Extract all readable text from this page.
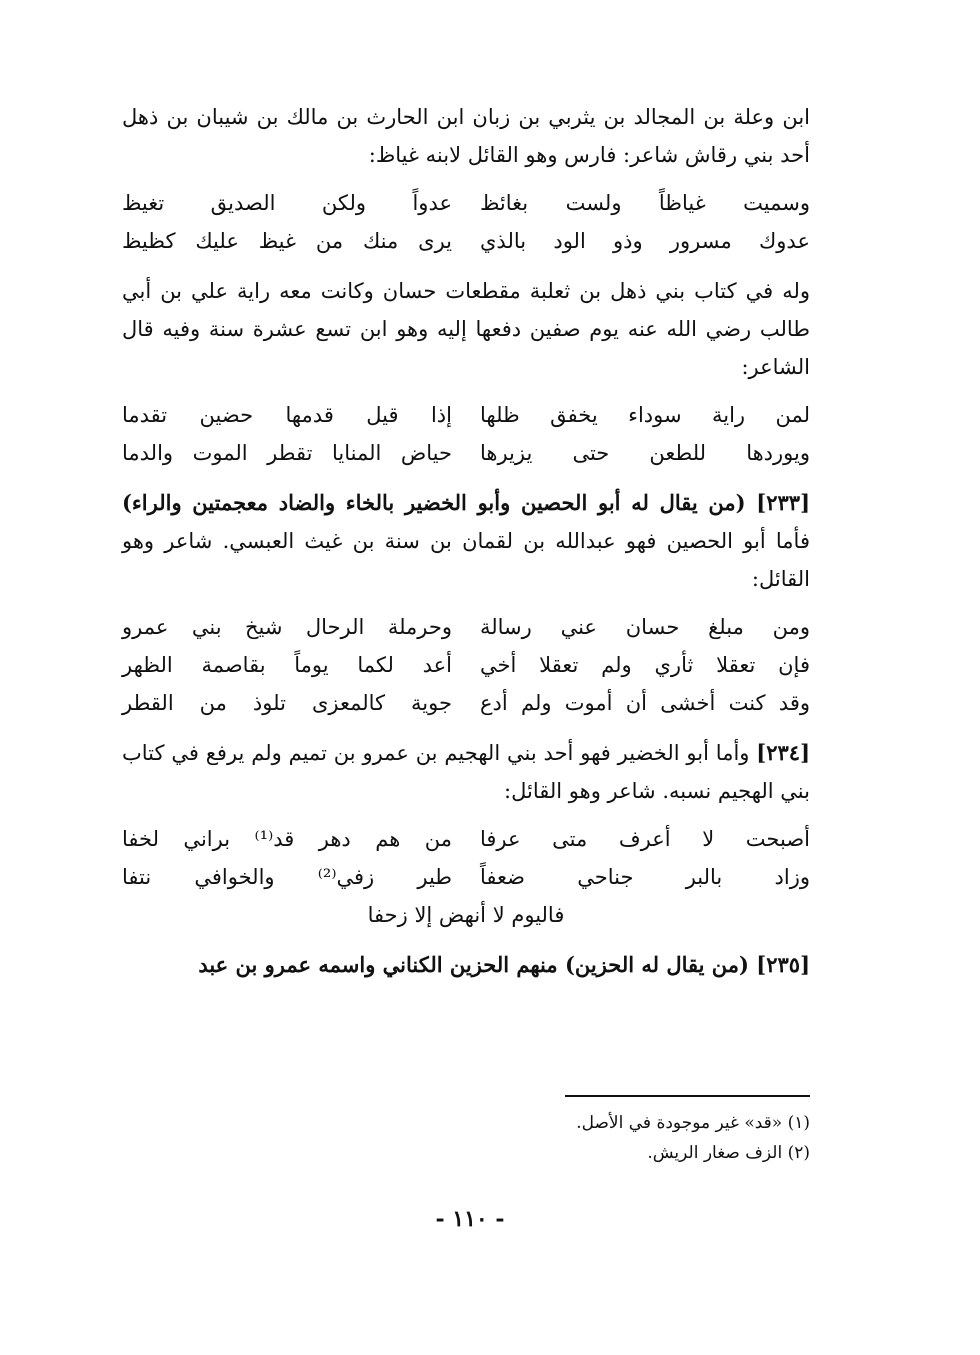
ابن وعلة بن المجالد بن يثربي بن زبان ابن الحارث بن مالك بن شيبان بن ذهل أحد بني رقاش شاعر: فارس وهو القائل لابنه غياظ:

وسميت غياظاً ولست بغائظ
عدواً ولكن الصديق تغيظ
عدوك مسرور وذو الود بالذي
يرى منك من غيظ عليك كظيظ

وله في كتاب بني ذهل بن ثعلبة مقطعات حسان وكانت معه راية علي بن أبي طالب رضي الله عنه يوم صفين دفعها إليه وهو ابن تسع عشرة سنة وفيه قال الشاعر:

لمن راية سوداء يخفق ظلها
إذا قيل قدمها حضين تقدما
ويوردها للطعن حتى يزيرها
حياض المنايا تقطر الموت والدما

[٢٣٣] (من يقال له أبو الحصين وأبو الخضير بالخاء والضاد معجمتين والراء) فأما أبو الحصين فهو عبدالله بن لقمان بن سنة بن غيث العبسي. شاعر وهو القائل:

ومن مبلغ حسان عني رسالة
وحرملة الرحال شيخ بني عمرو
فإن تعقلا ثأري ولم تعقلا أخي
أعد لكما يوماً بقاصمة الظهر
وقد كنت أخشى أن أموت ولم أدع
جوية كالمعزى تلوذ من القطر

[٢٣٤] وأما أبو الخضير فهو أحد بني الهجيم بن عمرو بن تميم ولم يرفع في كتاب بني الهجيم نسبه. شاعر وهو القائل:

أصبحت لا أعرف متى عرفا
من هم دهر قد⁽¹⁾ براني لخفا
وزاد بالبر جناحي ضعفاً
طير زفي⁽²⁾ والخوافي نتفا
فاليوم لا أنهض إلا زحفا
[٢٣٥] (من يقال له الحزين) منهم الحزين الكناني واسمه عمرو بن عبد
(١) «قد» غير موجودة في الأصل.
(٢) الزف صغار الريش.
- ١١٠ -
